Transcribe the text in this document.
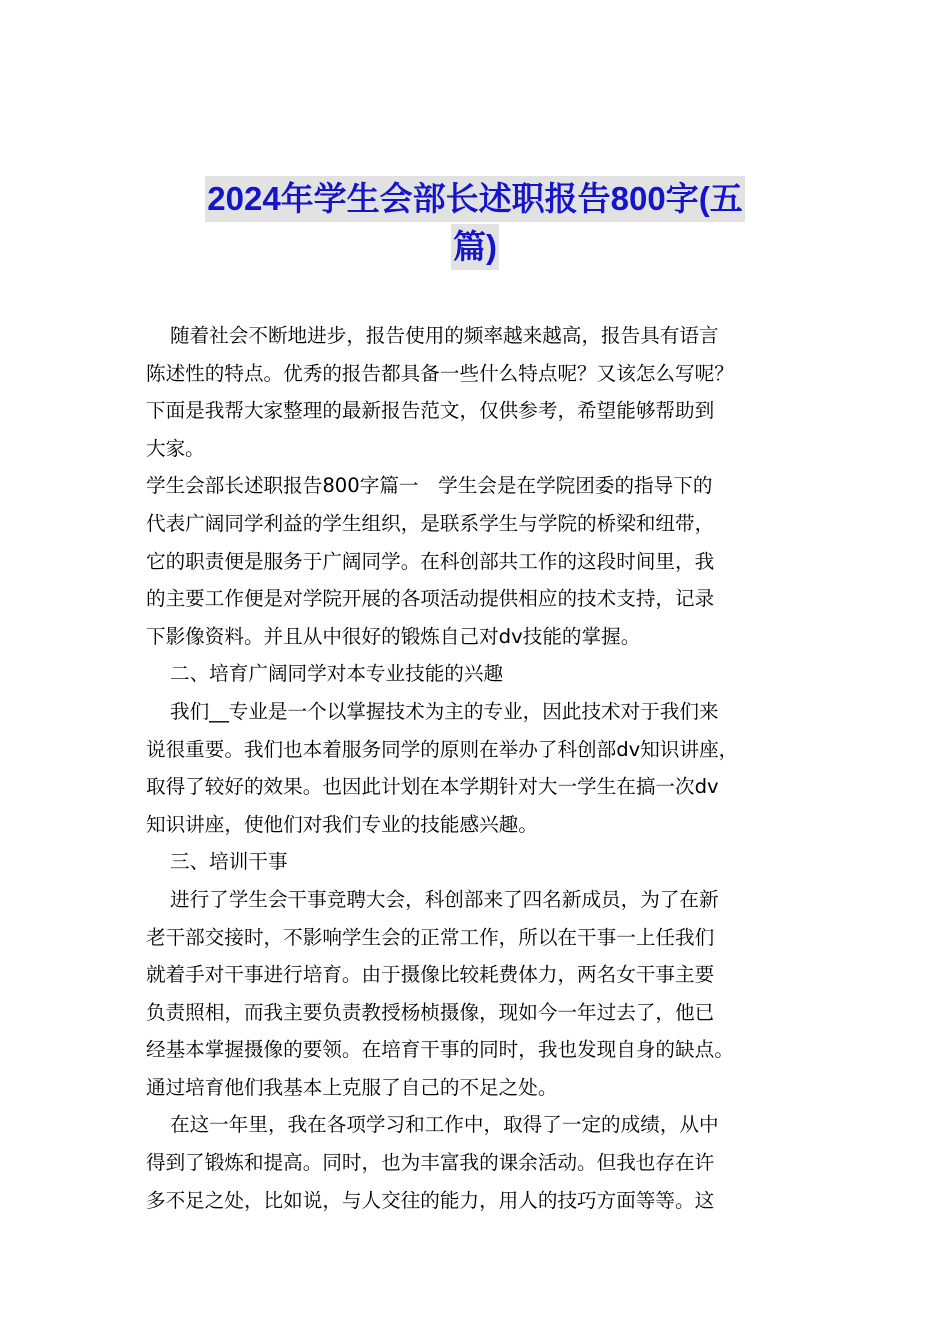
2024年学生会部长述职报告800字(五
篇)

随着社会不断地进步，报告使用的频率越来越高，报告具有语言

陈述性的特点。优秀的报告都具备一些什么特点呢？又该怎么写呢？

下面是我帮大家整理的最新报告范文，仅供参考，希望能够帮助到

大家。

学生会部长述职报告800字篇一　学生会是在学院团委的指导下的

代表广阔同学利益的学生组织，是联系学生与学院的桥梁和纽带，

它的职责便是服务于广阔同学。在科创部共工作的这段时间里，我

的主要工作便是对学院开展的各项活动提供相应的技术支持，记录

下影像资料。并且从中很好的锻炼自己对dv技能的掌握。

二、培育广阔同学对本专业技能的兴趣

我们__专业是一个以掌握技术为主的专业，因此技术对于我们来

说很重要。我们也本着服务同学的原则在举办了科创部dv知识讲座，

取得了较好的效果。也因此计划在本学期针对大一学生在搞一次dv

知识讲座，使他们对我们专业的技能感兴趣。

三、培训干事

进行了学生会干事竞聘大会，科创部来了四名新成员，为了在新

老干部交接时，不影响学生会的正常工作，所以在干事一上任我们

就着手对干事进行培育。由于摄像比较耗费体力，两名女干事主要

负责照相，而我主要负责教授杨桢摄像，现如今一年过去了，他已

经基本掌握摄像的要领。在培育干事的同时，我也发现自身的缺点。

通过培育他们我基本上克服了自己的不足之处。

在这一年里，我在各项学习和工作中，取得了一定的成绩，从中

得到了锻炼和提高。同时，也为丰富我的课余活动。但我也存在许

多不足之处，比如说，与人交往的能力，用人的技巧方面等等。这
